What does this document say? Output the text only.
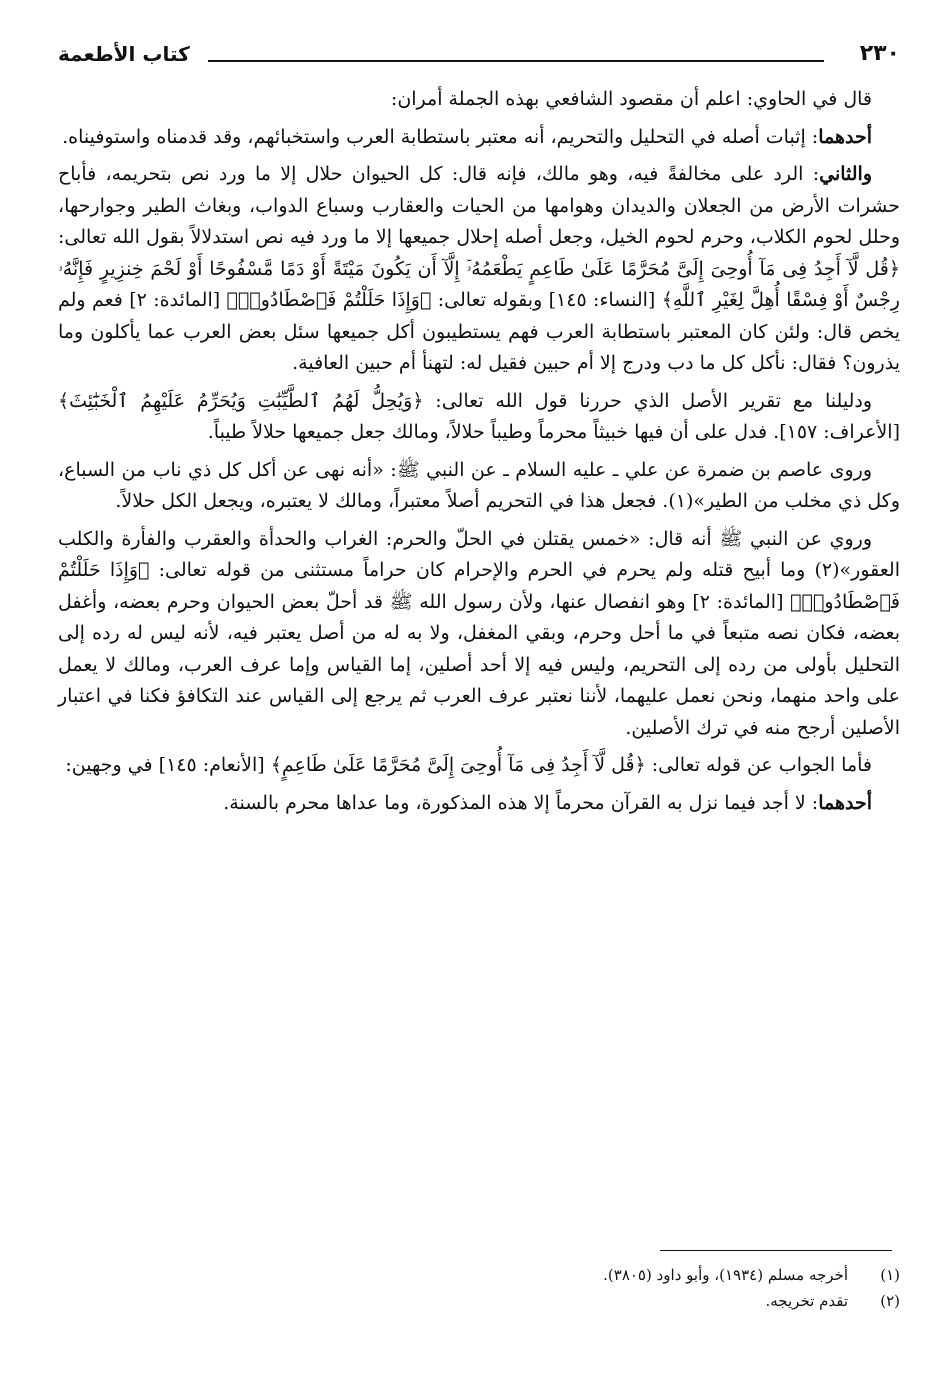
٢٣٠
كتاب الأطعمة

قال في الحاوي: اعلم أن مقصود الشافعي بهذه الجملة أمران:

أحدهما: إثبات أصله في التحليل والتحريم، أنه معتبر باستطابة العرب واستخبائهم، وقد قدمناه واستوفيناه.

والثاني: الرد على مخالفةً فيه، وهو مالك، فإنه قال: كل الحيوان حلال إلا ما ورد نص بتحريمه، فأباح حشرات الأرض من الجعلان والديدان وهوامها من الحيات والعقارب وسباع الدواب، وبغاث الطير وجوارحها، وحلل لحوم الكلاب، وحرم لحوم الخيل، وجعل أصله إحلال جميعها إلا ما ورد فيه نص استدلالاً بقول الله تعالى: ﴿قُل لَّآ أَجِدُ فِى مَآ أُوحِىَ إِلَىَّ مُحَرَّمًا عَلَىٰ طَاعِمٍ يَطْعَمُهُۥٓ إِلَّآ أَن يَكُونَ مَيْتَةً أَوْ دَمًا مَّسْفُوحًا أَوْ لَحْمَ خِنزِيرٍ فَإِنَّهُۥ رِجْسٌ أَوْ فِسْقًا أُهِلَّ لِغَيْرِ ٱللَّهِ﴾ [النساء: ١٤٥] وبقوله تعالى: ﴿وَإِذَا حَلَلْتُمْ فَٱصْطَادُوا۟﴾ [المائدة: ٢] فعم ولم يخص قال: ولئن كان المعتبر باستطابة العرب فهم يستطيبون أكل جميعها سئل بعض العرب عما يأكلون وما يذرون؟ فقال: نأكل كل ما دب ودرج إلا أم حبين فقيل له: لتهنأ أم حبين العافية.

ودليلنا مع تقرير الأصل الذي حررنا قول الله تعالى: ﴿وَيُحِلُّ لَهُمُ ٱلطَّيِّبَٰتِ وَيُحَرِّمُ عَلَيْهِمُ ٱلْخَبَٰٓئِثَ﴾ [الأعراف: ١٥٧]. فدل على أن فيها خبيثاً محرماً وطيباً حلالاً، ومالك جعل جميعها حلالاً طيباً.

وروى عاصم بن ضمرة عن علي ـ عليه السلام ـ عن النبي ﷺ: «أنه نهى عن أكل كل ذي ناب من السباع، وكل ذي مخلب من الطير»(١). فجعل هذا في التحريم أصلاً معتبراً، ومالك لا يعتبره، ويجعل الكل حلالاً.

وروي عن النبي ﷺ أنه قال: «خمس يقتلن في الحلّ والحرم: الغراب والحدأة والعقرب والفأرة والكلب العقور»(٢) وما أبيح قتله ولم يحرم في الحرم والإحرام كان حراماً مستثنى من قوله تعالى: ﴿وَإِذَا حَلَلْتُمْ فَٱصْطَادُوا۟﴾ [المائدة: ٢] وهو انفصال عنها، ولأن رسول الله ﷺ قد أحلّ بعض الحيوان وحرم بعضه، وأغفل بعضه، فكان نصه متبعاً في ما أحل وحرم، وبقي المغفل، ولا به له من أصل يعتبر فيه، لأنه ليس له رده إلى التحليل بأولى من رده إلى التحريم، وليس فيه إلا أحد أصلين، إما القياس وإما عرف العرب، ومالك لا يعمل على واحد منهما، ونحن نعمل عليهما، لأننا نعتبر عرف العرب ثم يرجع إلى القياس عند التكافؤ فكنا في اعتبار الأصلين أرجح منه في ترك الأصلين.

فأما الجواب عن قوله تعالى: ﴿قُل لَّآ أَجِدُ فِى مَآ أُوحِىَ إِلَىَّ مُحَرَّمًا عَلَىٰ طَاعِمٍ﴾ [الأنعام: ١٤٥] في وجهين:

أحدهما: لا أجد فيما نزل به القرآن محرماً إلا هذه المذكورة، وما عداها محرم بالسنة.

(١)
أخرجه مسلم (١٩٣٤)، وأبو داود (٣٨٠٥).
(٢)
تقدم تخريجه.
